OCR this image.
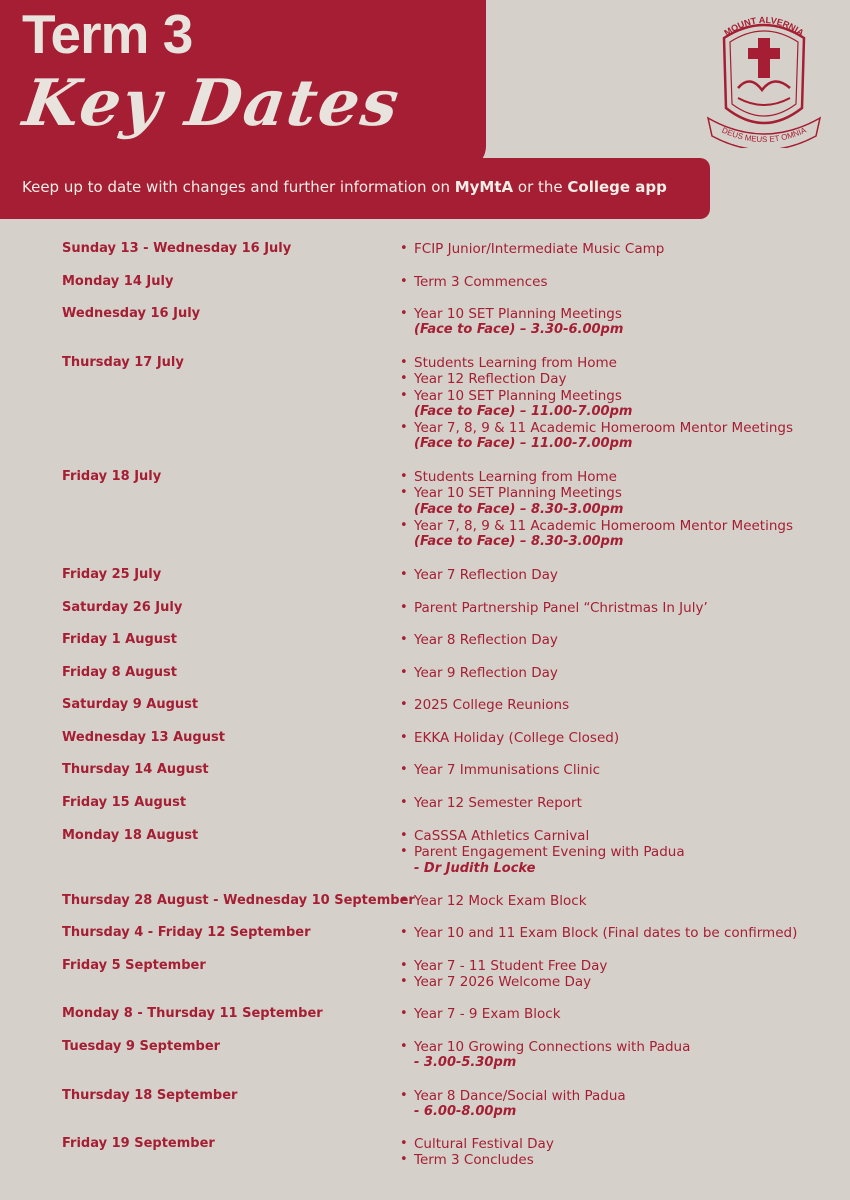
Term 3
Key Dates

Keep up to date with changes and further information on MyMtA or the College app

MOUNT ALVERNIA
DEUS MEUS ET OMNIA
Sunday 13 - Wednesday 16 July	• FCIP Junior/Intermediate Music Camp
Monday 14 July	• Term 3 Commences
Wednesday 16 July	• Year 10 SET Planning Meetings
(Face to Face) – 3.30-6.00pm
Thursday 17 July	• Students Learning from Home
• Year 12 Reflection Day
• Year 10 SET Planning Meetings
(Face to Face) – 11.00-7.00pm
• Year 7, 8, 9 & 11 Academic Homeroom Mentor Meetings
(Face to Face) – 11.00-7.00pm
Friday 18 July	• Students Learning from Home
• Year 10 SET Planning Meetings
(Face to Face) – 8.30-3.00pm
• Year 7, 8, 9 & 11 Academic Homeroom Mentor Meetings
(Face to Face) – 8.30-3.00pm
Friday 25 July	• Year 7 Reflection Day
Saturday 26 July	• Parent Partnership Panel “Christmas In July’
Friday 1 August	• Year 8 Reflection Day
Friday 8 August	• Year 9 Reflection Day
Saturday 9 August	• 2025 College Reunions
Wednesday 13 August	• EKKA Holiday (College Closed)
Thursday 14 August	• Year 7 Immunisations Clinic
Friday 15 August	• Year 12 Semester Report
Monday 18 August	• CaSSSA Athletics Carnival
• Parent Engagement Evening with Padua
- Dr Judith Locke
Thursday 28 August - Wednesday 10 September • Year 12 Mock Exam Block
Thursday 4 - Friday 12 September	• Year 10 and 11 Exam Block (Final dates to be confirmed)
Friday 5 September	• Year 7 - 11 Student Free Day
• Year 7 2026 Welcome Day
Monday 8 - Thursday 11 September	• Year 7 - 9 Exam Block
Tuesday 9 September	• Year 10 Growing Connections with Padua
- 3.00-5.30pm
Thursday 18 September	• Year 8 Dance/Social with Padua
- 6.00-8.00pm
Friday 19 September	• Cultural Festival Day
• Term 3 Concludes
